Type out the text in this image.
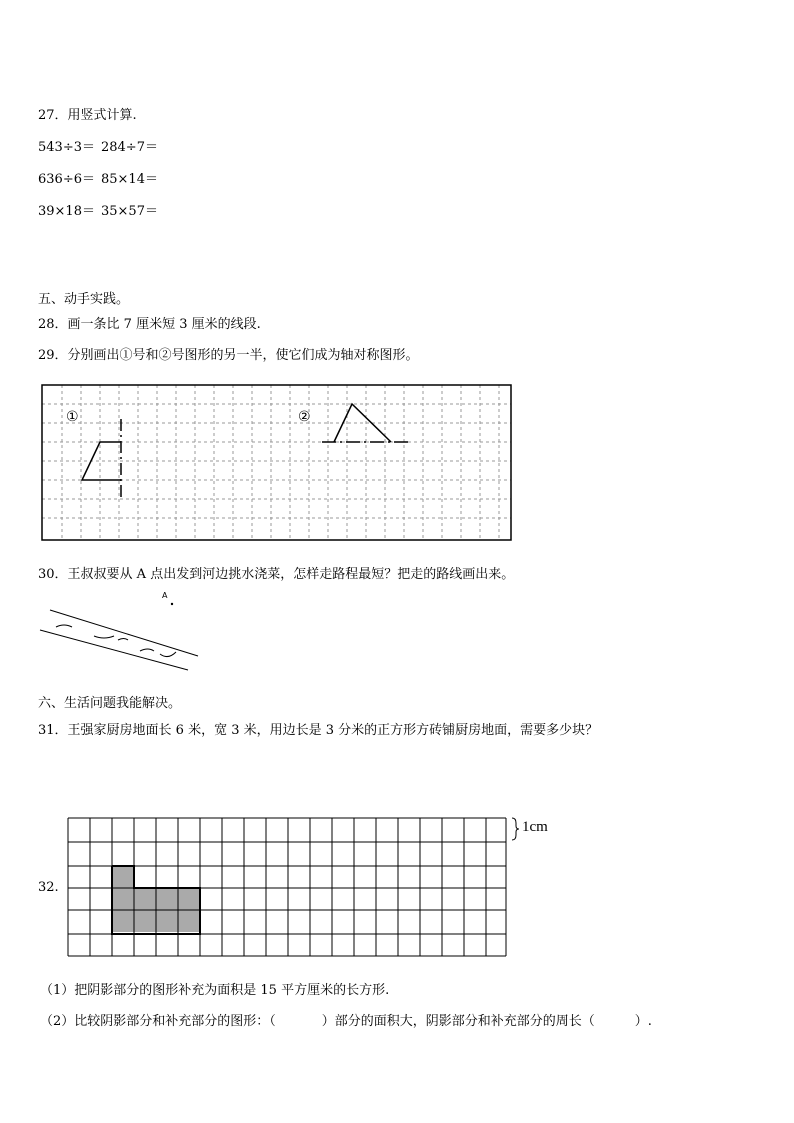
27．用竖式计算.
543÷3＝ 284÷7＝
636÷6＝ 85×14＝
39×18＝ 35×57＝
五、动手实践。
28．画一条比 7 厘米短 3 厘米的线段.
29．分别画出①号和②号图形的另一半，使它们成为轴对称图形。
①	②
30．王叔叔要从 A 点出发到河边挑水浇菜，怎样走路程最短？把走的路线画出来。
A
六、生活问题我能解决。
31．王强家厨房地面长 6 米，宽 3 米，用边长是 3 分米的正方形方砖铺厨房地面，需要多少块？
32.
1cm
（1）把阴影部分的图形补充为面积是 15 平方厘米的长方形.
（2）比较阴影部分和补充部分的图形：（	）部分的面积大，阴影部分和补充部分的周长（	）.
